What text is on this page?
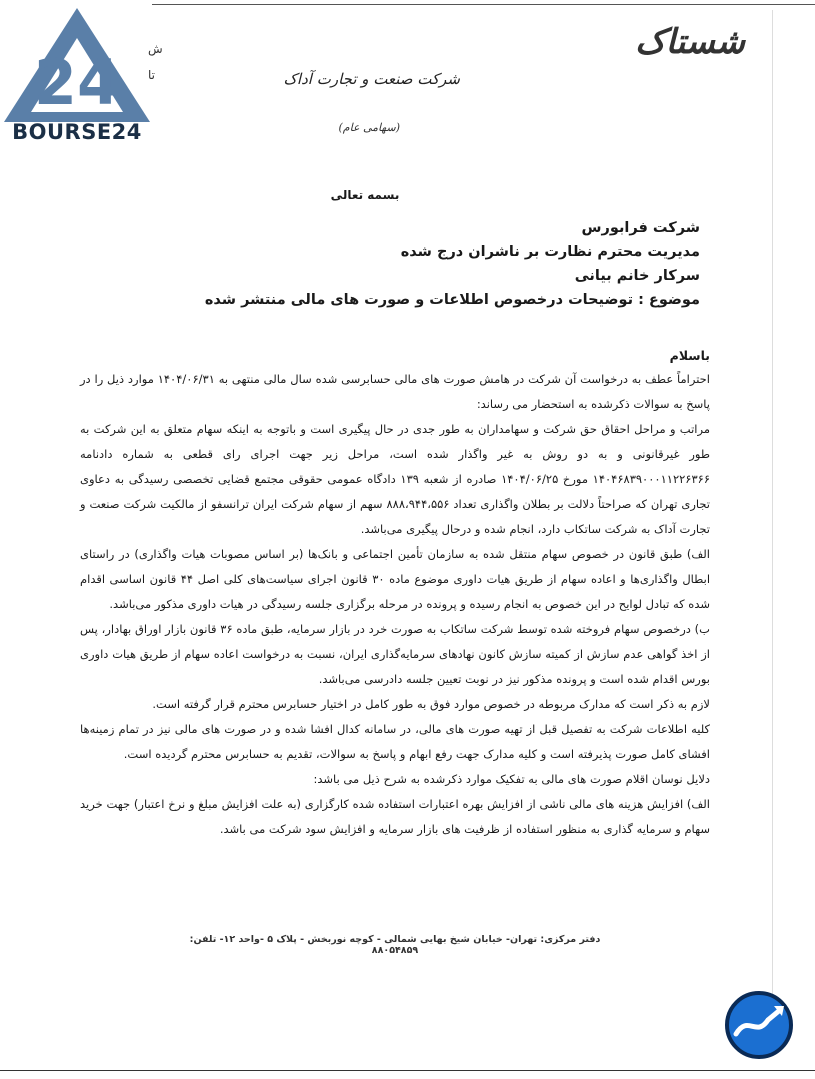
24
BOURSE24
ش
تا
شستاک
شرکت صنعت و تجارت آداک
(سهامی عام)
بسمه تعالی
شرکت فرابورس
مدیریت محترم نظارت بر ناشران درج شده
سرکار خانم بیانی
موضوع : توضیحات درخصوص اطلاعات و صورت های مالی منتشر شده
باسلام

احتراماً عطف به درخواست آن شرکت در هامش صورت های مالی حسابرسی شده سال مالی منتهی به ۱۴۰۴/۰۶/۳۱ موارد ذیل را در پاسخ به سوالات ذکرشده به استحضار می رساند:

مراتب و مراحل احقاق حق شرکت و سهامداران به طور جدی در حال پیگیری است و باتوجه به اینکه سهام متعلق به این شرکت به طور غیرقانونی و به دو روش به غیر واگذار شده است، مراحل زیر جهت اجرای رای قطعی به شماره دادنامه ۱۴۰۴۶۸۳۹۰۰۰۱۱۲۲۶۳۶۶ مورخ ۱۴۰۴/۰۶/۲۵ صادره از شعبه ۱۳۹ دادگاه عمومی حقوقی مجتمع قضایی تخصصی رسیدگی به دعاوی تجاری تهران که صراحتاً دلالت بر بطلان واگذاری تعداد ۸۸۸،۹۴۴،۵۵۶ سهم از سهام شرکت ایران ترانسفو از مالکیت شرکت صنعت و تجارت آداک به شرکت ساتکاب دارد، انجام شده و درحال پیگیری می‌باشد.

الف) طبق قانون در خصوص سهام منتقل شده به سازمان تأمین اجتماعی و بانک‌ها (بر اساس مصوبات هیات واگذاری) در راستای ابطال واگذاری‌ها و اعاده سهام از طریق هیات داوری موضوع ماده ۳۰ قانون اجرای سیاست‌های کلی اصل ۴۴ قانون اساسی اقدام شده که تبادل لوایح در این خصوص به انجام رسیده و پرونده در مرحله برگزاری جلسه رسیدگی در هیات داوری مذکور می‌باشد.

ب) درخصوص سهام فروخته شده توسط شرکت ساتکاب به صورت خرد در بازار سرمایه، طبق ماده ۳۶ قانون بازار اوراق بهادار، پس از اخذ گواهی عدم سازش از کمیته سازش کانون نهادهای سرمایه‌گذاری ایران، نسبت به درخواست اعاده سهام از طریق هیات داوری بورس اقدام شده است و پرونده مذکور نیز در نوبت تعیین جلسه دادرسی می‌باشد.

لازم به ذکر است که مدارک مربوطه در خصوص موارد فوق به طور کامل در اختیار حسابرس محترم قرار گرفته است.

کلیه اطلاعات شرکت به تفصیل قبل از تهیه صورت های مالی، در سامانه کدال افشا شده و در صورت های مالی نیز در تمام زمینه‌ها افشای کامل صورت پذیرفته است و کلیه مدارک جهت رفع ابهام و پاسخ به سوالات، تقدیم به حسابرس محترم گردیده است.

دلایل نوسان اقلام صورت های مالی به تفکیک موارد ذکرشده به شرح ذیل می باشد:

الف) افزایش هزینه های مالی ناشی از افزایش بهره اعتبارات استفاده شده کارگزاری (به علت افزایش مبلغ و نرخ اعتبار) جهت خرید سهام و سرمایه گذاری به منظور استفاده از ظرفیت های بازار سرمایه و افزایش سود شرکت می باشد.

دفتر مرکزی: تهران- خیابان شیخ بهایی شمالی - کوچه نوربخش - پلاک ۵ -واحد ۱۲- تلفن: ۸۸۰۵۴۸۵۹
